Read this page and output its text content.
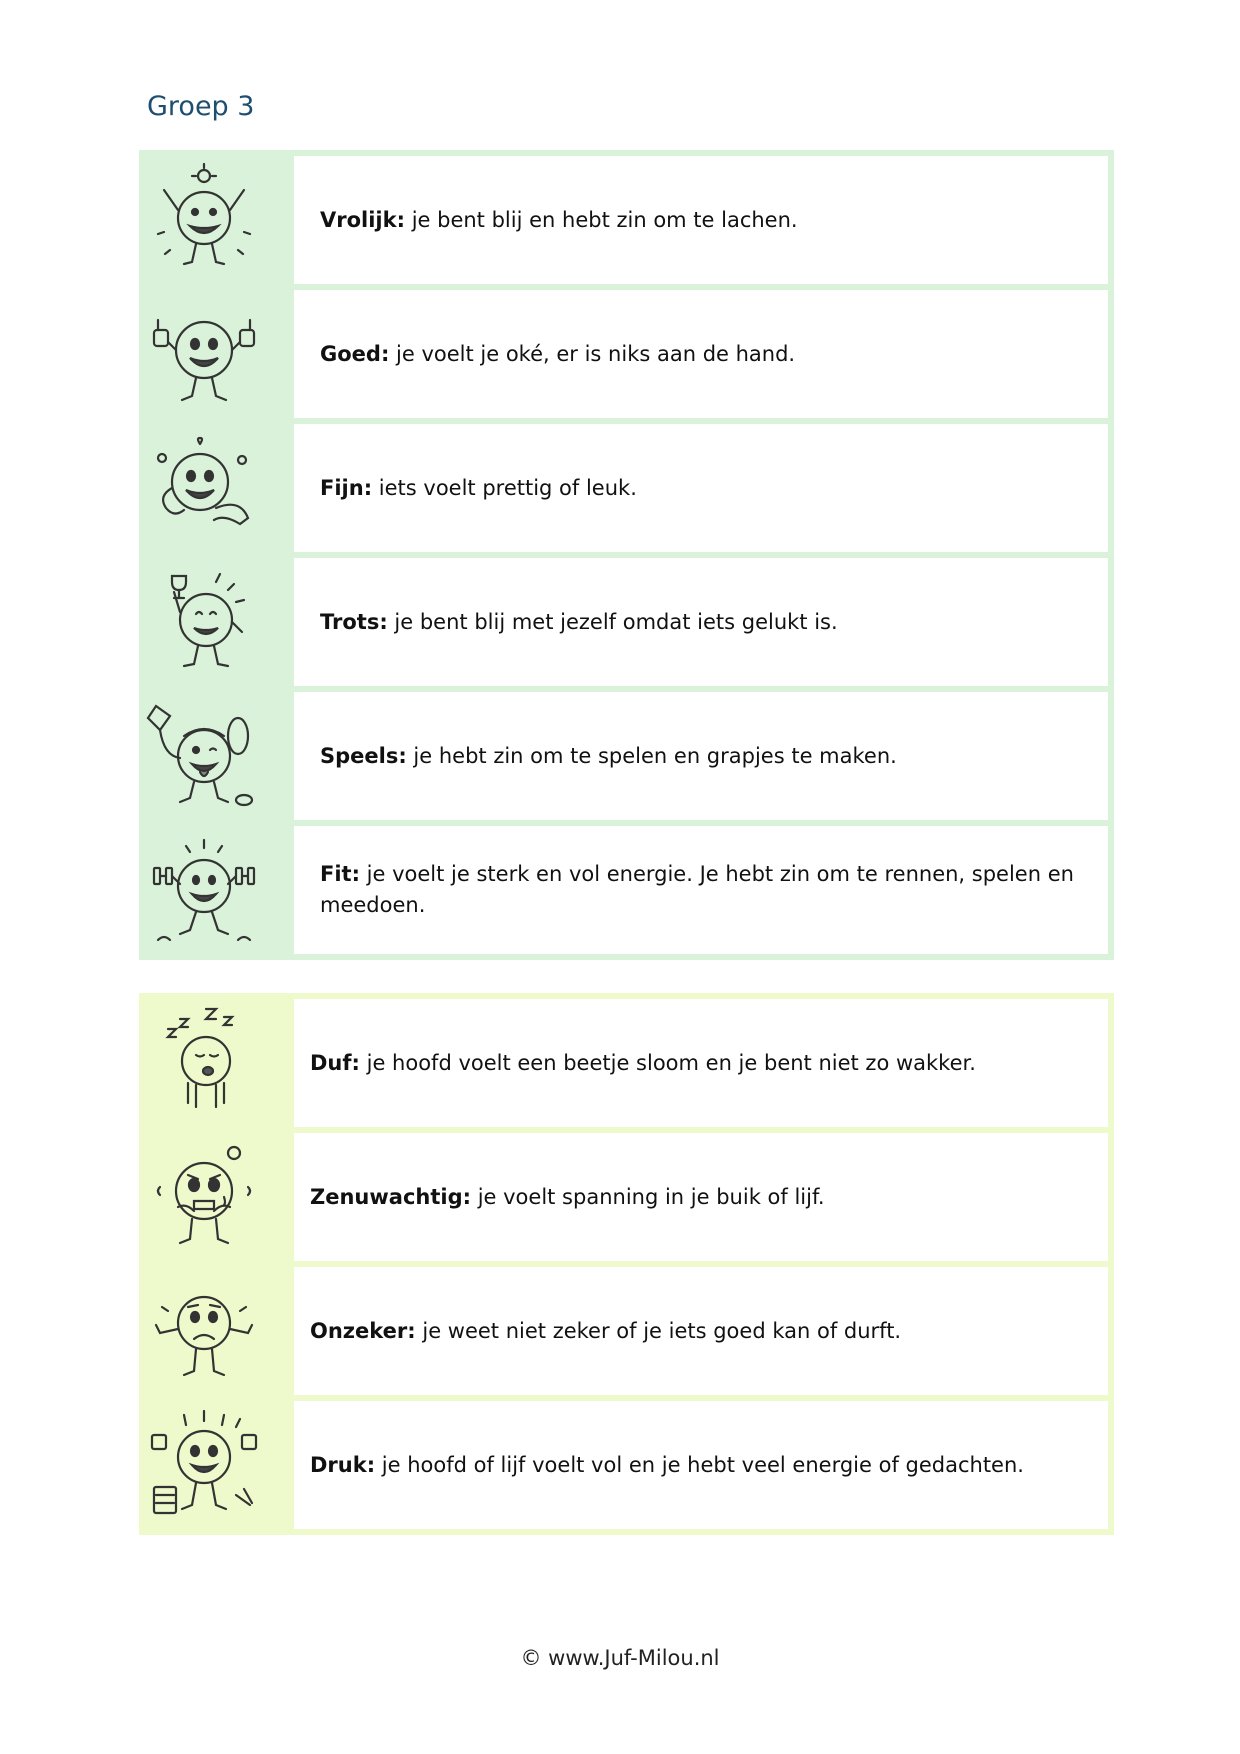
Groep 3
Vrolijk: je bent blij en hebt zin om te lachen.
Goed: je voelt je oké, er is niks aan de hand.
Fijn: iets voelt prettig of leuk.
Trots: je bent blij met jezelf omdat iets gelukt is.
Speels: je hebt zin om te spelen en grapjes te maken.
Fit: je voelt je sterk en vol energie. Je hebt zin om te rennen, spelen en meedoen.
Duf: je hoofd voelt een beetje sloom en je bent niet zo wakker.
Zenuwachtig: je voelt spanning in je buik of lijf.
Onzeker: je weet niet zeker of je iets goed kan of durft.
Druk: je hoofd of lijf voelt vol en je hebt veel energie of gedachten.
© www.Juf-Milou.nl
